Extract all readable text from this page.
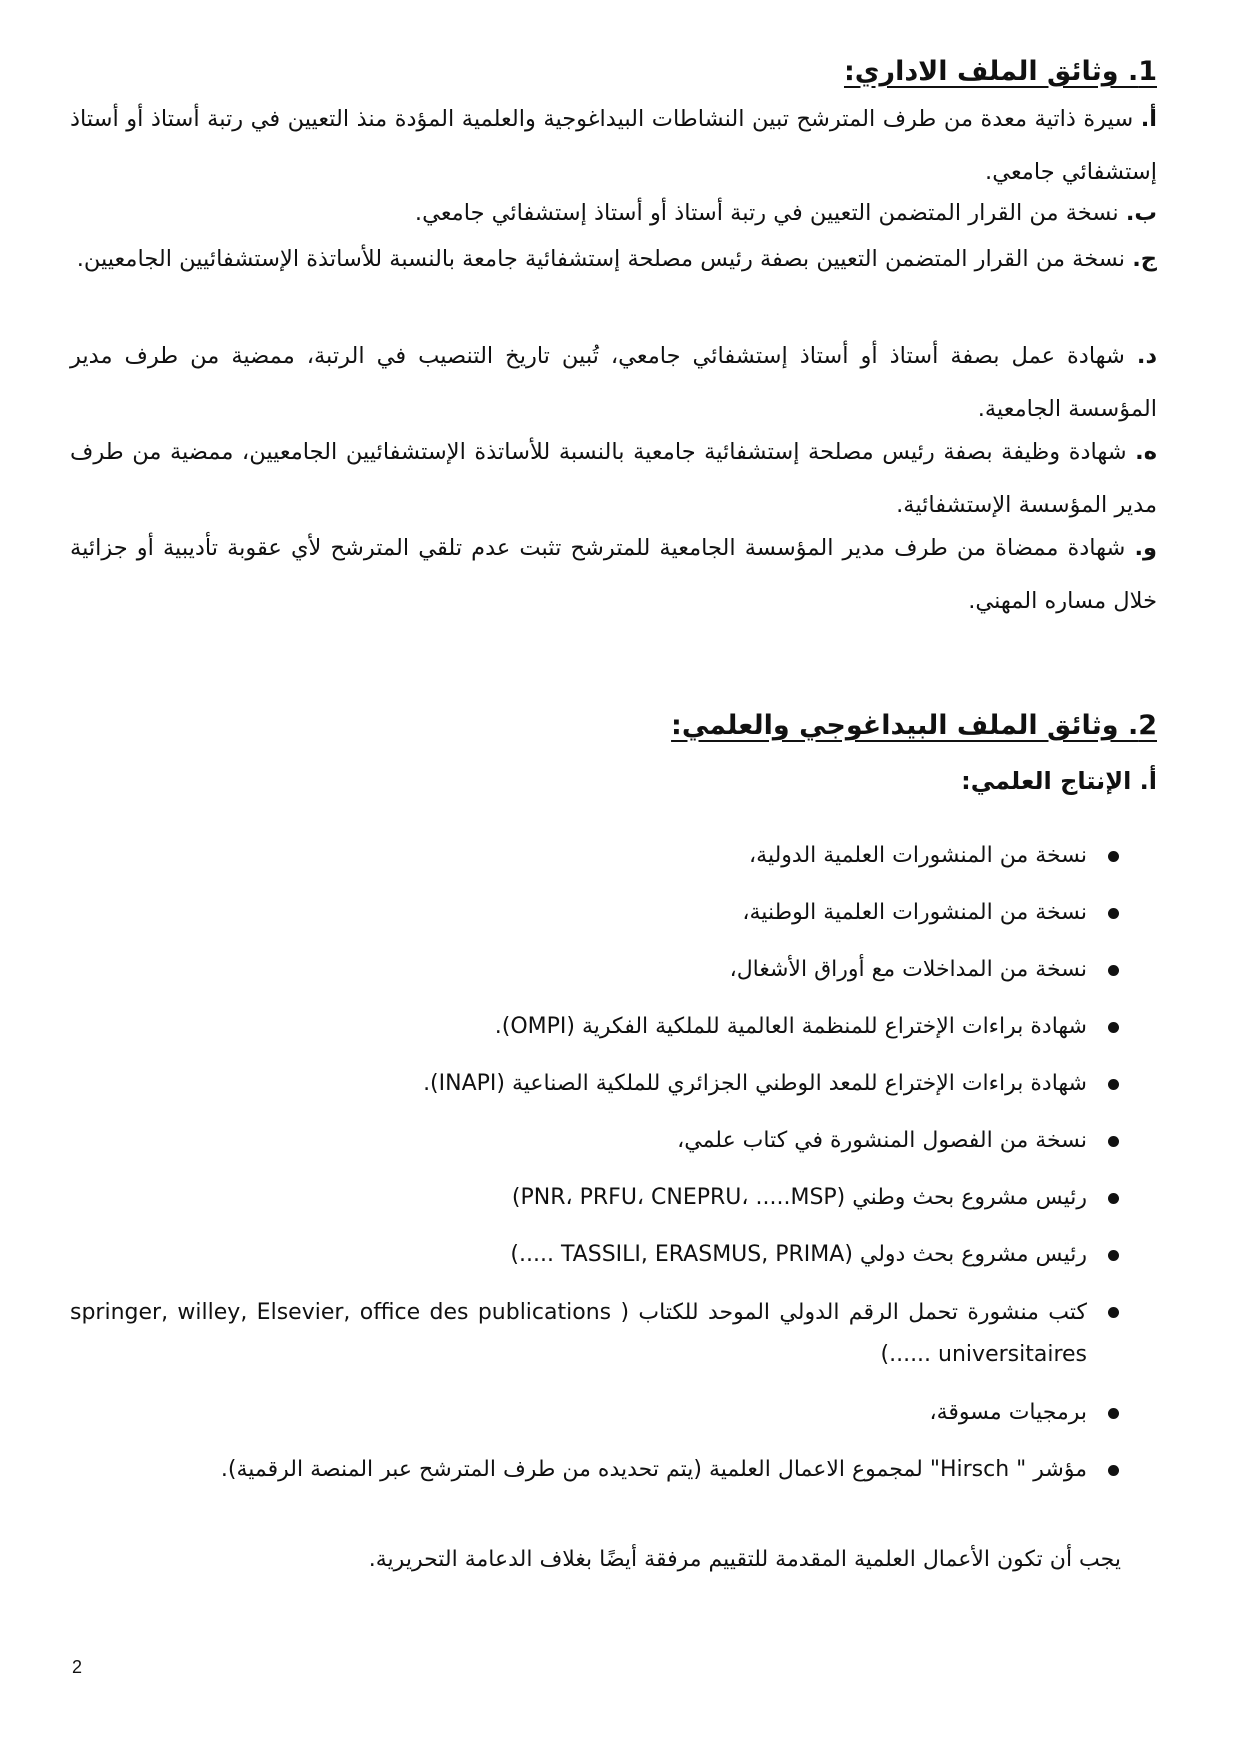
1. وثائق الملف الاداري:
أ. سيرة ذاتية معدة من طرف المترشح تبين النشاطات البيداغوجية والعلمية المؤدة منذ التعيين في رتبة أستاذ أو أستاذ إستشفائي جامعي.
ب. نسخة من القرار المتضمن التعيين في رتبة أستاذ أو أستاذ إستشفائي جامعي.
ج. نسخة من القرار المتضمن التعيين بصفة رئيس مصلحة إستشفائية جامعة بالنسبة للأساتذة الإستشفائيين الجامعيين.
د. شهادة عمل بصفة أستاذ أو أستاذ إستشفائي جامعي، تُبين تاريخ التنصيب في الرتبة، ممضية من طرف مدير المؤسسة الجامعية.
ه. شهادة وظيفة بصفة رئيس مصلحة إستشفائية جامعية بالنسبة للأساتذة الإستشفائيين الجامعيين، ممضية من طرف مدير المؤسسة الإستشفائية.
و. شهادة ممضاة من طرف مدير المؤسسة الجامعية للمترشح تثبت عدم تلقي المترشح لأي عقوبة تأديبية أو جزائية خلال مساره المهني.
2. وثائق الملف البيداغوجي والعلمي:
أ. الإنتاج العلمي:
نسخة من المنشورات العلمية الدولية،
نسخة من المنشورات العلمية الوطنية،
نسخة من المداخلات مع أوراق الأشغال،
شهادة براءات الإختراع للمنظمة العالمية للملكية الفكرية (OMPI).
شهادة براءات الإختراع للمعد الوطني الجزائري للملكية الصناعية (INAPI).
نسخة من الفصول المنشورة في كتاب علمي،
رئيس مشروع بحث وطني (PNR، PRFU، CNEPRU، .....MSP)
رئيس مشروع بحث دولي (TASSILI, ERASMUS, PRIMA .....)
كتب منشورة تحمل الرقم الدولي الموحد للكتاب ( springer, willey, Elsevier, office des publications universitaires ......)
برمجيات مسوقة،
مؤشر " Hirsch" لمجموع الاعمال العلمية (يتم تحديده من طرف المترشح عبر المنصة الرقمية).
يجب أن تكون الأعمال العلمية المقدمة للتقييم مرفقة أيضًا بغلاف الدعامة التحريرية.
2
